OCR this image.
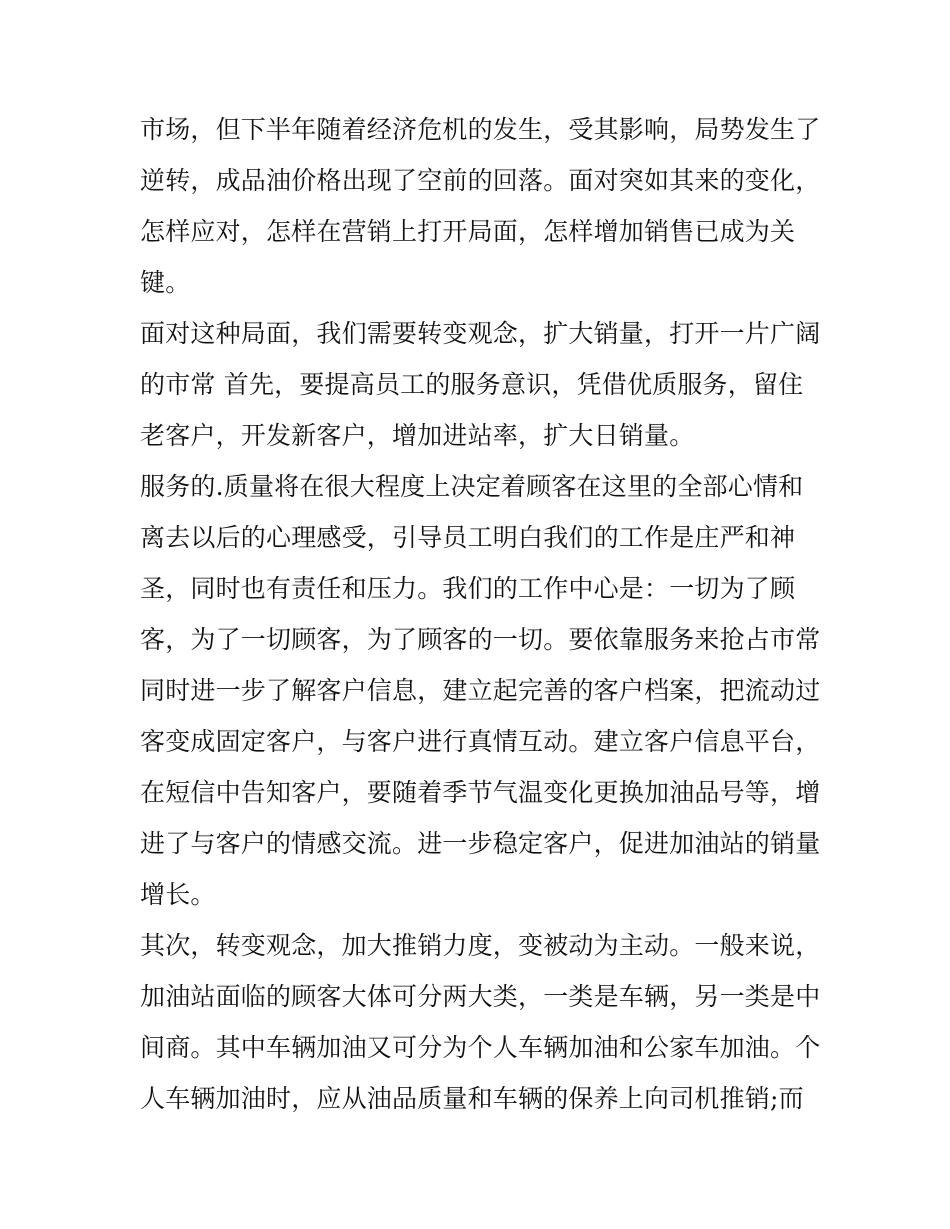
市场，但下半年随着经济危机的发生，受其影响，局势发生了
逆转，成品油价格出现了空前的回落。面对突如其来的变化，
怎样应对，怎样在营销上打开局面，怎样增加销售已成为关
键。
面对这种局面，我们需要转变观念，扩大销量，打开一片广阔
的市常 首先，要提高员工的服务意识，凭借优质服务，留住
老客户，开发新客户，增加进站率，扩大日销量。
服务的.质量将在很大程度上决定着顾客在这里的全部心情和
离去以后的心理感受，引导员工明白我们的工作是庄严和神
圣，同时也有责任和压力。我们的工作中心是：一切为了顾
客，为了一切顾客，为了顾客的一切。要依靠服务来抢占市常
同时进一步了解客户信息，建立起完善的客户档案，把流动过
客变成固定客户，与客户进行真情互动。建立客户信息平台，
在短信中告知客户，要随着季节气温变化更换加油品号等，增
进了与客户的情感交流。进一步稳定客户，促进加油站的销量
增长。
其次，转变观念，加大推销力度，变被动为主动。一般来说，
加油站面临的顾客大体可分两大类，一类是车辆，另一类是中
间商。其中车辆加油又可分为个人车辆加油和公家车加油。个
人车辆加油时，应从油品质量和车辆的保养上向司机推销;而
